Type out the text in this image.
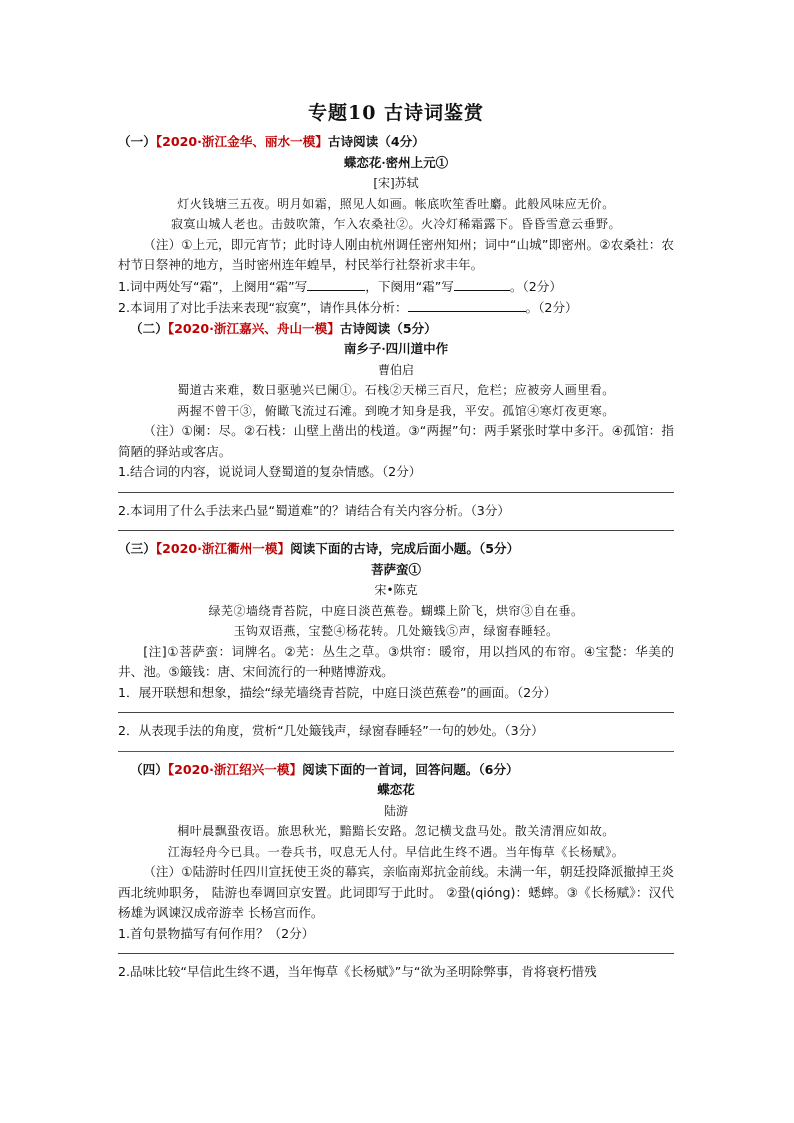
专题10 古诗词鉴赏
（一）【2020·浙江金华、丽水一模】古诗阅读（4分）
蝶恋花·密州上元①
[宋]苏轼
灯火钱塘三五夜。明月如霜，照见人如画。帐底吹笙香吐麝。此般风味应无价。
寂寞山城人老也。击鼓吹箫，乍入农桑社②。火冷灯稀霜露下。昏昏雪意云垂野。
（注）①上元，即元宵节；此时诗人刚由杭州调任密州知州；词中“山城”即密州。②农桑社：农村节日祭神的地方，当时密州连年蝗旱，村民举行社祭祈求丰年。
1.词中两处写“霜”，上阕用“霜”写	，下阕用“霜”写	。（2分）
2.本词用了对比手法来表现“寂寞”，请作具体分析：	。（2分）
（二）【2020·浙江嘉兴、舟山一模】古诗阅读（5分）
南乡子·四川道中作
曹伯启
蜀道古来难，数日驱驰兴已阑①。石栈②天梯三百尺，危栏；应被旁人画里看。
两握不曾干③，俯瞰飞流过石滩。到晚才知身是我，平安。孤馆④寒灯夜更寒。
（注）①阑：尽。②石栈：山壁上凿出的栈道。③“两握”句：两手紧张时掌中多汗。④孤馆：指简陋的驿站或客店。
1.结合词的内容，说说词人登蜀道的复杂情感。（2分）
2.本词用了什么手法来凸显“蜀道难”的？请结合有关内容分析。（3分）
（三）【2020·浙江衢州一模】阅读下面的古诗，完成后面小题。（5分）
菩萨蛮①
宋•陈克
绿芜②墙绕青苔院，中庭日淡芭蕉卷。蝴蝶上阶飞，烘帘③自在垂。
玉钩双语燕，宝甃④杨花转。几处簸钱⑤声，绿窗春睡轻。
[注]①菩萨蛮：词牌名。②芜：丛生之草。③烘帘：暖帘，用以挡风的布帘。④宝甃：华美的井、池。⑤簸钱：唐、宋间流行的一种赌博游戏。
1．展开联想和想象，描绘“绿芜墙绕青苔院，中庭日淡芭蕉卷”的画面。（2分）
2．从表现手法的角度，赏析“几处簸钱声，绿窗春睡轻”一句的妙处。（3分）
（四）【2020·浙江绍兴一模】阅读下面的一首词，回答问题。（6分）
蝶恋花
陆游
桐叶晨飘蛩夜语。旅思秋光，黯黯长安路。忽记横戈盘马处。散关清渭应如故。
江海轻舟今已具。一卷兵书，叹息无人付。早信此生终不遇。当年悔草《长杨赋》。
（注）①陆游时任四川宣抚使王炎的幕宾，亲临南郑抗金前线。未满一年，朝廷投降派撤掉王炎西北统帅职务， 陆游也奉调回京安置。此词即写于此时。 ②蛩(qióng)：蟋蟀。③《长杨赋》：汉代杨雄为讽谏汉成帝游幸 长杨宫而作。
1.首句景物描写有何作用？（2分）
2.品味比较“早信此生终不遇，当年悔草《长杨赋》”与“欲为圣明除弊事，肯将衰朽惜残
